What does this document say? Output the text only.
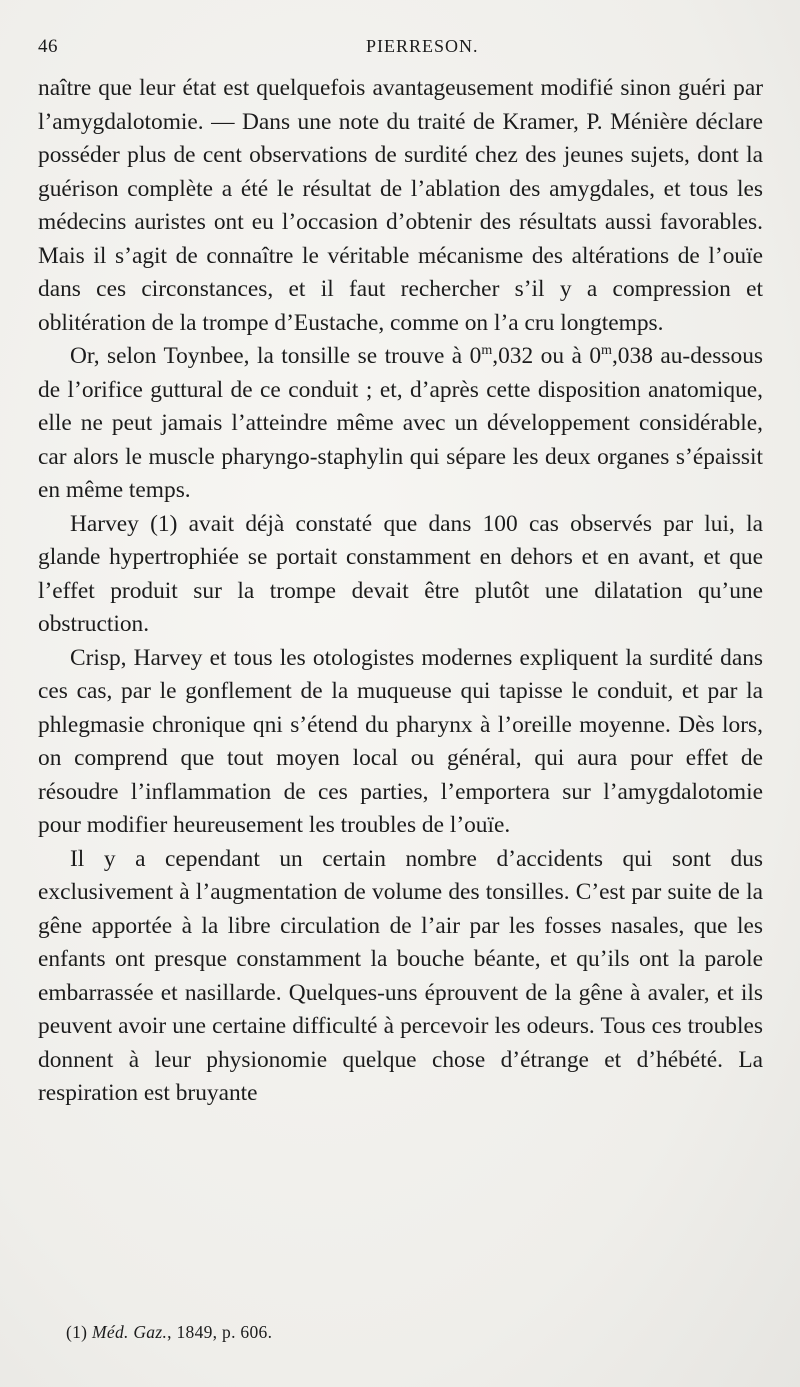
46	PIERRESON.

naître que leur état est quelquefois avantageusement modifié sinon guéri par l’amygdalotomie. — Dans une note du traité de Kramer, P. Ménière déclare posséder plus de cent observations de surdité chez des jeunes sujets, dont la guérison complète a été le résultat de l’ablation des amygdales, et tous les médecins auristes ont eu l’occasion d’obtenir des résultats aussi favorables. Mais il s’agit de connaître le véritable mécanisme des altérations de l’ouïe dans ces circonstances, et il faut rechercher s’il y a compression et oblitération de la trompe d’Eustache, comme on l’a cru longtemps.

Or, selon Toynbee, la tonsille se trouve à 0$^m$,032 ou à 0$^m$,038 au-dessous de l’orifice guttural de ce conduit ; et, d’après cette disposition anatomique, elle ne peut jamais l’atteindre même avec un développement considérable, car alors le muscle pharyngo-staphylin qui sépare les deux organes s’épaissit en même temps.

Harvey (1) avait déjà constaté que dans 100 cas observés par lui, la glande hypertrophiée se portait constamment en dehors et en avant, et que l’effet produit sur la trompe devait être plutôt une dilatation qu’une obstruction.

Crisp, Harvey et tous les otologistes modernes expliquent la surdité dans ces cas, par le gonflement de la muqueuse qui tapisse le conduit, et par la phlegmasie chronique qni s’étend du pharynx à l’oreille moyenne. Dès lors, on comprend que tout moyen local ou général, qui aura pour effet de résoudre l’inflammation de ces parties, l’emportera sur l’amygdalotomie pour modifier heureusement les troubles de l’ouïe.

Il y a cependant un certain nombre d’accidents qui sont dus exclusivement à l’augmentation de volume des tonsilles. C’est par suite de la gêne apportée à la libre circulation de l’air par les fosses nasales, que les enfants ont presque constamment la bouche béante, et qu’ils ont la parole embarrassée et nasillarde. Quelques-uns éprouvent de la gêne à avaler, et ils peuvent avoir une certaine difficulté à percevoir les odeurs. Tous ces troubles donnent à leur physionomie quelque chose d’étrange et d’hébété. La respiration est bruyante

(1) Méd. Gaz., 1849, p. 606.
